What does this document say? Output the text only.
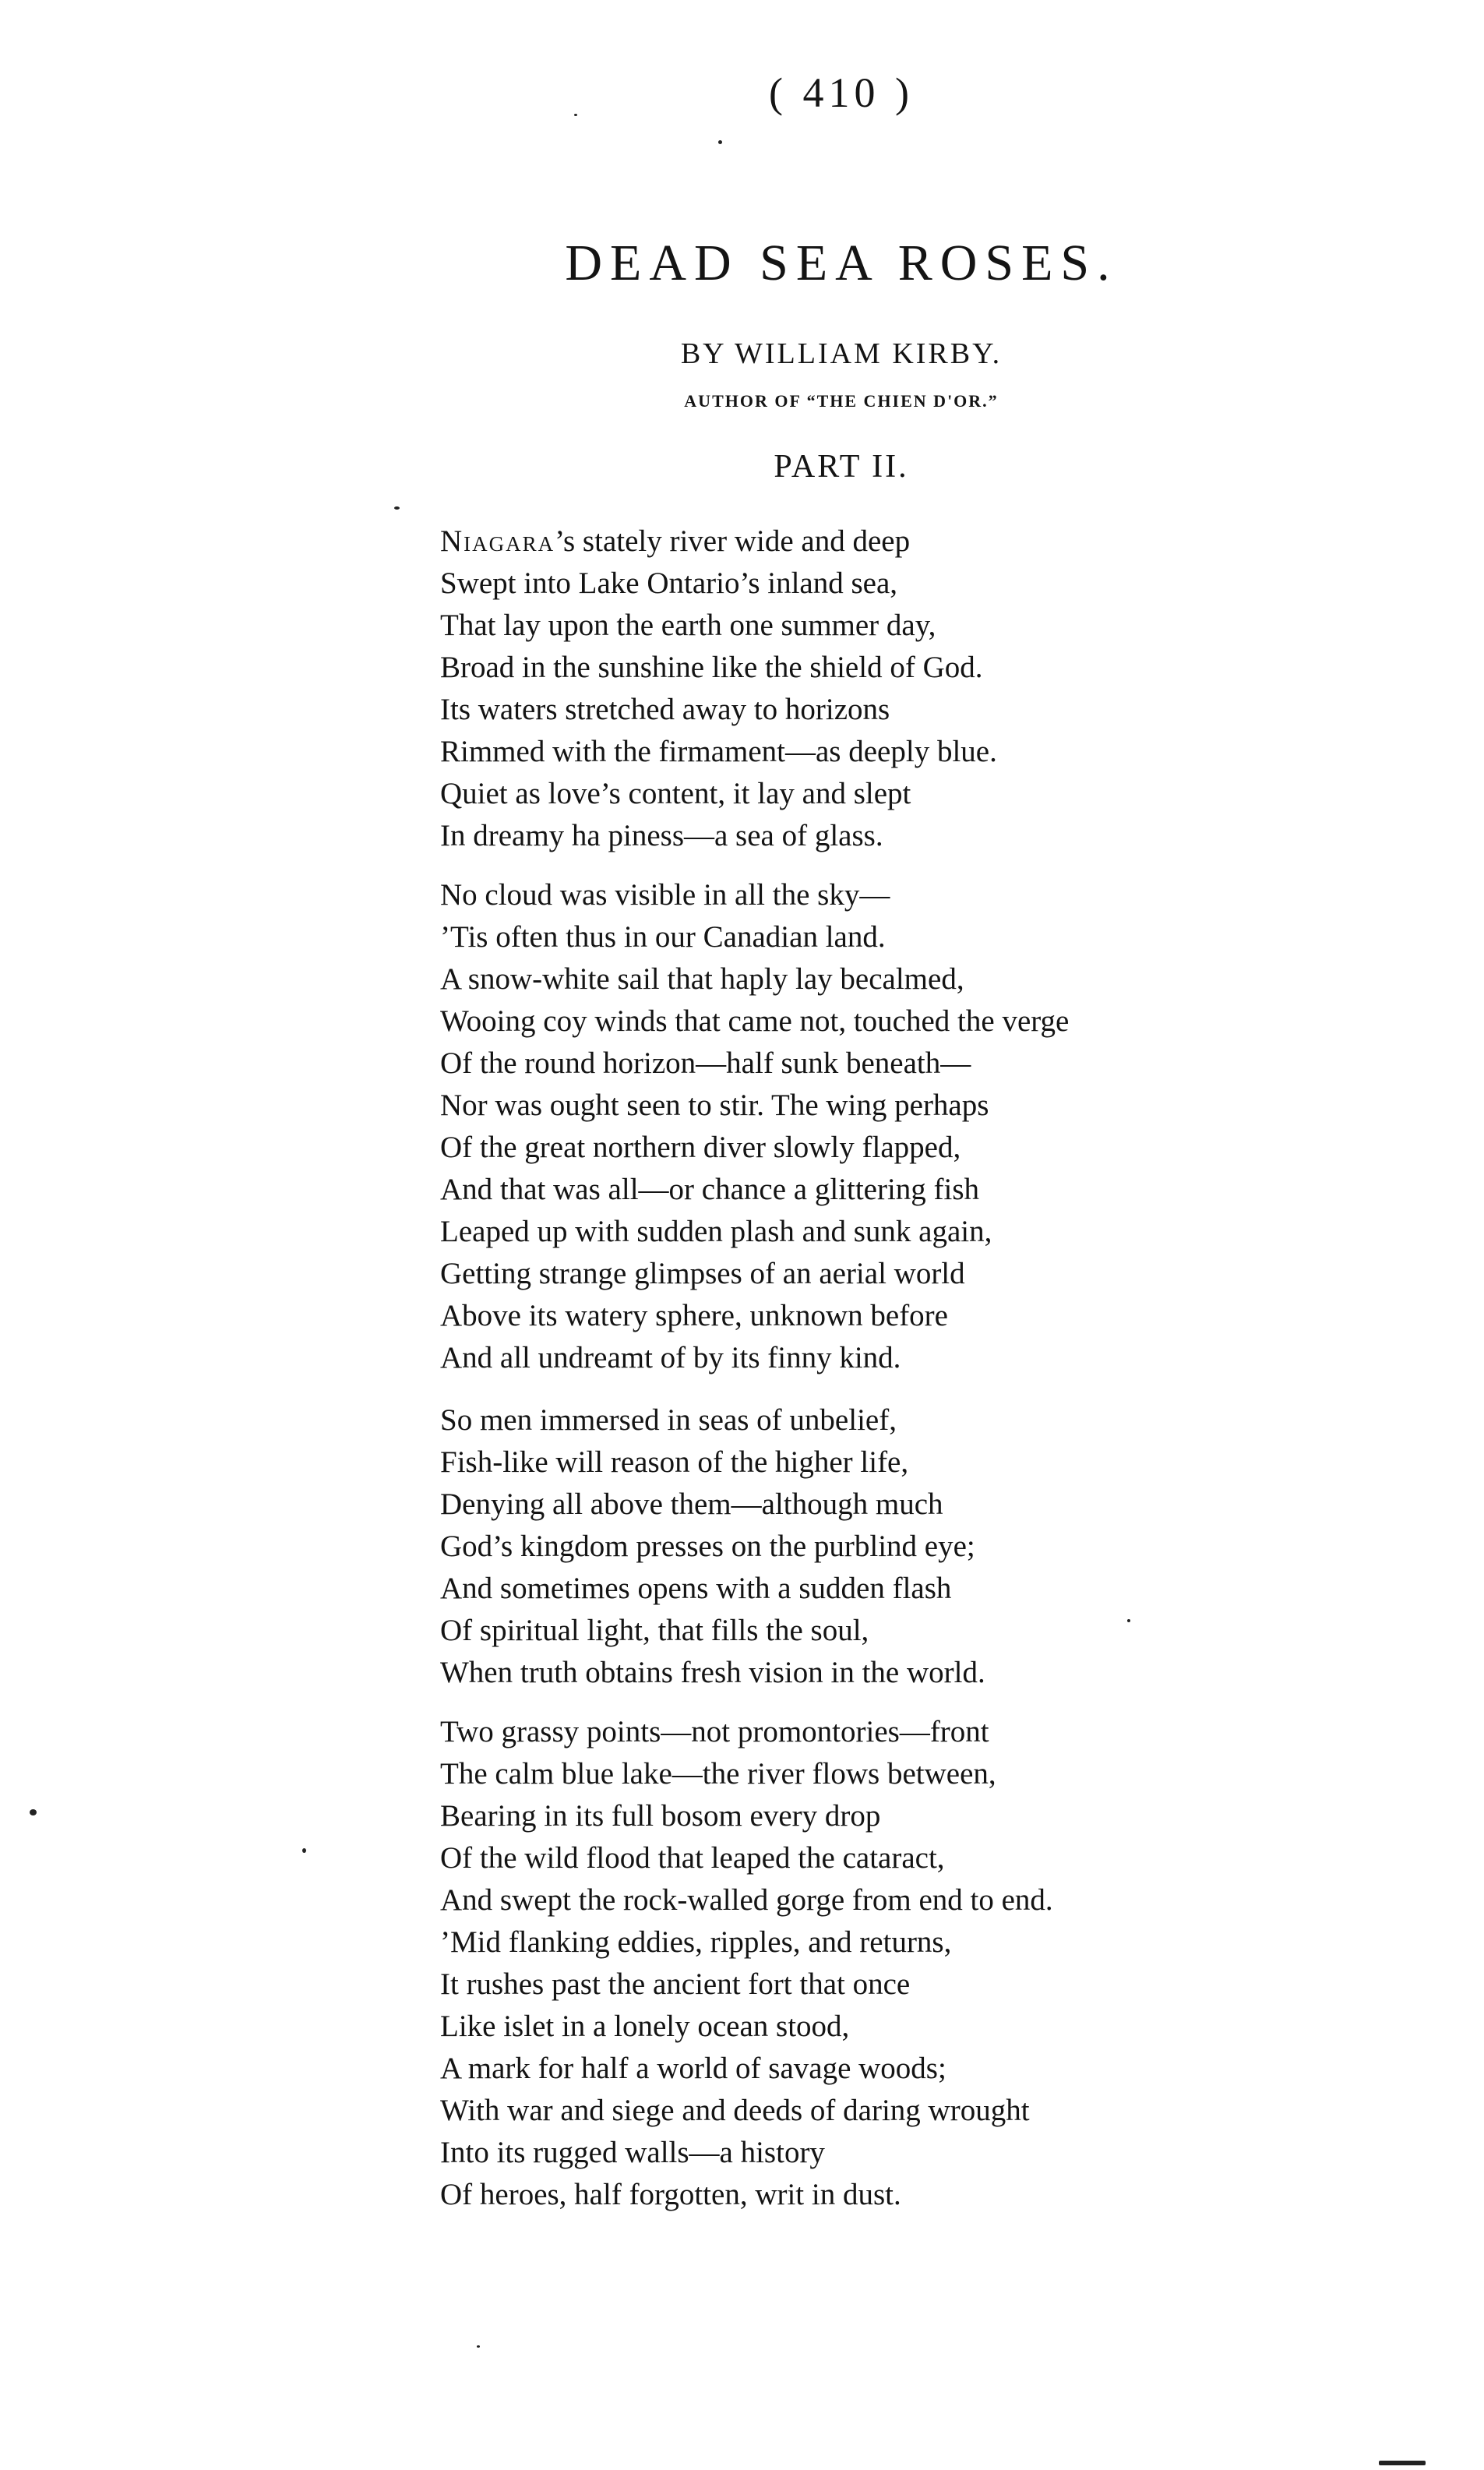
( 410 )
DEAD SEA ROSES.
BY WILLIAM KIRBY.
AUTHOR OF “THE CHIEN D'OR.”
PART II.
Niagara’s stately river wide and deep
Swept into Lake Ontario’s inland sea,
That lay upon the earth one summer day,
Broad in the sunshine like the shield of God.
Its waters stretched away to horizons
Rimmed with the firmament—as deeply blue.
Quiet as love’s content, it lay and slept
In dreamy ha piness—a sea of glass.
No cloud was visible in all the sky—
’Tis often thus in our Canadian land.
A snow-white sail that haply lay becalmed,
Wooing coy winds that came not, touched the verge
Of the round horizon—half sunk beneath—
Nor was ought seen to stir. The wing perhaps
Of the great northern diver slowly flapped,
And that was all—or chance a glittering fish
Leaped up with sudden plash and sunk again,
Getting strange glimpses of an aerial world
Above its watery sphere, unknown before
And all undreamt of by its finny kind.
So men immersed in seas of unbelief,
Fish-like will reason of the higher life,
Denying all above them—although much
God’s kingdom presses on the purblind eye;
And sometimes opens with a sudden flash
Of spiritual light, that fills the soul,
When truth obtains fresh vision in the world.
Two grassy points—not promontories—front
The calm blue lake—the river flows between,
Bearing in its full bosom every drop
Of the wild flood that leaped the cataract,
And swept the rock-walled gorge from end to end.
’Mid flanking eddies, ripples, and returns,
It rushes past the ancient fort that once
Like islet in a lonely ocean stood,
A mark for half a world of savage woods;
With war and siege and deeds of daring wrought
Into its rugged walls—a history
Of heroes, half forgotten, writ in dust.
